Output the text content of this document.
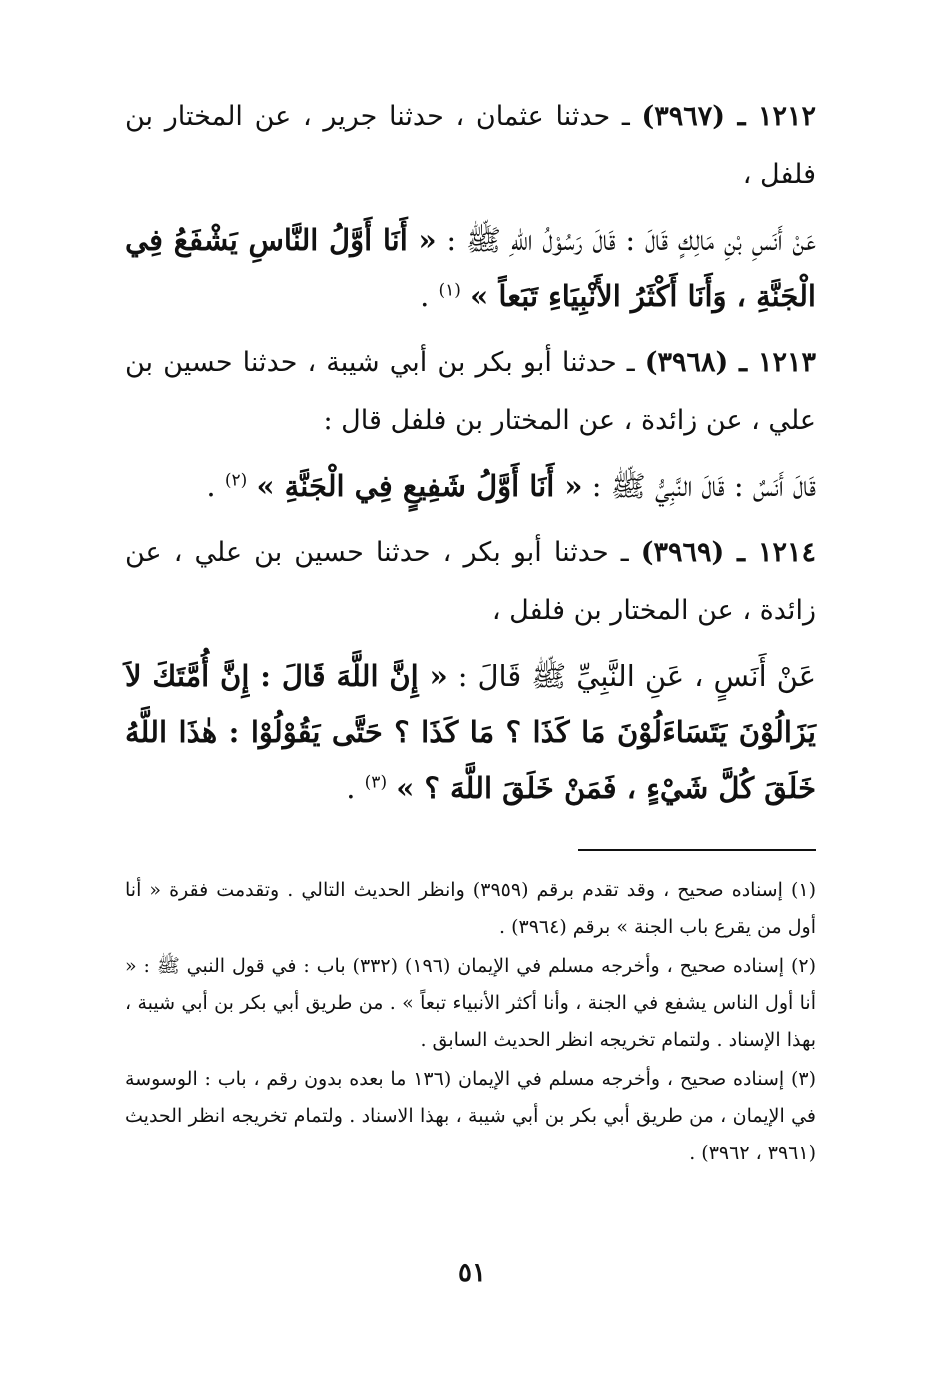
١٢١٢ ـ (٣٩٦٧) ـ حدثنا عثمان ، حدثنا جرير ، عن المختار بن فلفل ،
عَنْ أَنَسِ بْنِ مَالِكٍ قَالَ : قَالَ رَسُوْلُ اللهِ ﷺ : « أَنَا أَوَّلُ النَّاسِ يَشْفَعُ فِي الْجَنَّةِ ، وَأَنَا أَكْثَرُ الأَنْبِيَاءِ تَبَعاً » $^{(١)}$ .
١٢١٣ ـ (٣٩٦٨) ـ حدثنا أبو بكر بن أبي شيبة ، حدثنا حسين بن علي ، عن زائدة ، عن المختار بن فلفل قال :
قَالَ أَنَسٌ : قَالَ النَّبِيُّ ﷺ : « أَنَا أَوَّلُ شَفِيعٍ فِي الْجَنَّةِ » $^{(٢)}$ .
١٢١٤ ـ (٣٩٦٩) ـ حدثنا أبو بكر ، حدثنا حسين بن علي ، عن زائدة ، عن المختار بن فلفل ،
عَنْ أَنَسٍ ، عَنِ النَّبِيِّ ﷺ قَالَ : « إِنَّ اللَّهَ قَالَ : إِنَّ أُمَّتَكَ لاَ يَزَالُوْنَ يَتَسَاءَلُوْنَ مَا كَذَا ؟ مَا كَذَا ؟ حَتَّى يَقُوْلُوْا : هٰذَا اللَّهُ خَلَقَ كُلَّ شَيْءٍ ، فَمَنْ خَلَقَ اللَّهَ ؟ » $^{(٣)}$ .
(١) إسناده صحيح ، وقد تقدم برقم (٣٩٥٩) وانظر الحديث التالي . وتقدمت فقرة « أنا أول من يقرع باب الجنة » برقم (٣٩٦٤) .
(٢) إسناده صحيح ، وأخرجه مسلم في الإيمان (١٩٦) (٣٣٢) باب : في قول النبي ﷺ : « أنا أول الناس يشفع في الجنة ، وأنا أكثر الأنبياء تبعاً » . من طريق أبي بكر بن أبي شيبة ، بهذا الإسناد . ولتمام تخريجه انظر الحديث السابق .
(٣) إسناده صحيح ، وأخرجه مسلم في الإيمان (١٣٦ ما بعده بدون رقم ، باب : الوسوسة في الإيمان ، من طريق أبي بكر بن أبي شيبة ، بهذا الاسناد . ولتمام تخريجه انظر الحديث (٣٩٦١ ، ٣٩٦٢) .
٥١
